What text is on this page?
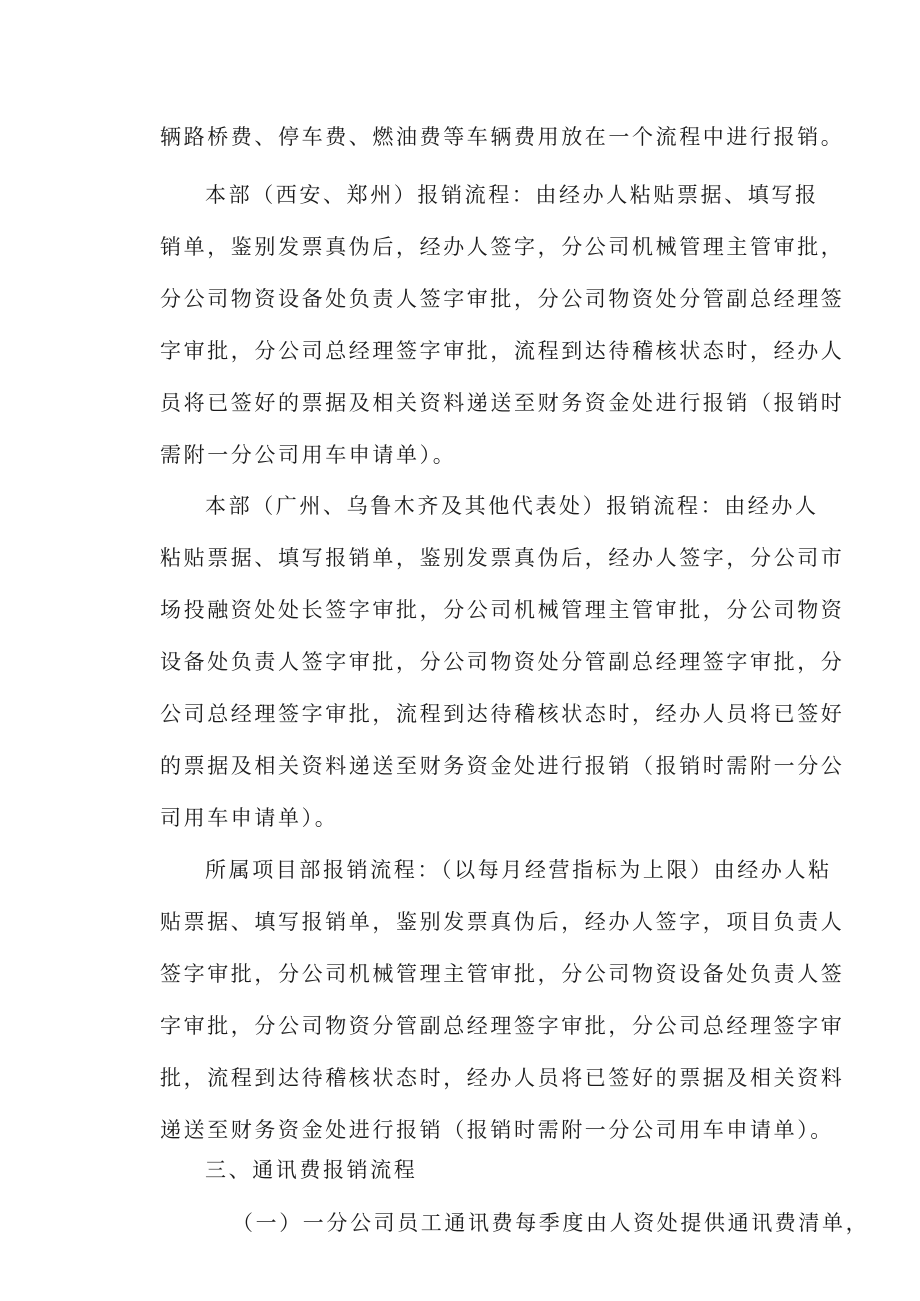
辆路桥费、停车费、燃油费等车辆费用放在一个流程中进行报销。

本部（西安、郑州）报销流程：由经办人粘贴票据、填写报

销单，鉴别发票真伪后，经办人签字，分公司机械管理主管审批，

分公司物资设备处负责人签字审批，分公司物资处分管副总经理签

字审批，分公司总经理签字审批，流程到达待稽核状态时，经办人

员将已签好的票据及相关资料递送至财务资金处进行报销（报销时

需附一分公司用车申请单）。

本部（广州、乌鲁木齐及其他代表处）报销流程：由经办人

粘贴票据、填写报销单，鉴别发票真伪后，经办人签字，分公司市

场投融资处处长签字审批，分公司机械管理主管审批，分公司物资

设备处负责人签字审批，分公司物资处分管副总经理签字审批，分

公司总经理签字审批，流程到达待稽核状态时，经办人员将已签好

的票据及相关资料递送至财务资金处进行报销（报销时需附一分公

司用车申请单）。

所属项目部报销流程：（以每月经营指标为上限）由经办人粘

贴票据、填写报销单，鉴别发票真伪后，经办人签字，项目负责人

签字审批，分公司机械管理主管审批，分公司物资设备处负责人签

字审批，分公司物资分管副总经理签字审批，分公司总经理签字审

批，流程到达待稽核状态时，经办人员将已签好的票据及相关资料

递送至财务资金处进行报销（报销时需附一分公司用车申请单）。

三、通讯费报销流程

（一）一分公司员工通讯费每季度由人资处提供通讯费清单，
